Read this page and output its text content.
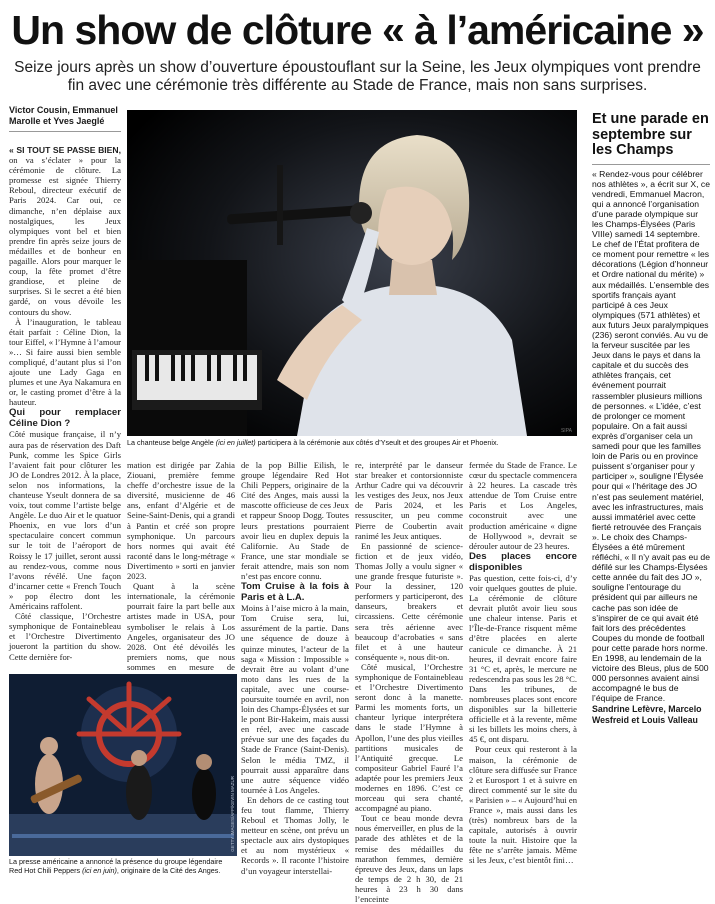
Un show de clôture « à l’américaine »
Seize jours après un show d’ouverture époustouflant sur la Seine, les Jeux olympiques vont prendre fin avec une cérémonie très différente au Stade de France, mais non sans surprises.
Victor Cousin, Emmanuel Marolle et Yves Jaeglé

« SI TOUT SE PASSE BIEN, on va s’éclater » pour la cérémonie de clôture. La promesse est signée Thierry Reboul, directeur exécutif de Paris 2024. Car oui, ce dimanche, n’en déplaise aux nostalgiques, les Jeux olympiques vont bel et bien prendre fin après seize jours de médailles et de bonheur en pagaille. Alors pour marquer le coup, la fête promet d’être grandiose, et pleine de surprises. Si le secret a été bien gardé, on vous dévoile les contours du show.

À l’inauguration, le tableau était parfait : Céline Dion, la tour Eiffel, « l’Hymne à l’amour »… Si faire aussi bien semble compliqué, d’autant plus si l’on ajoute une Lady Gaga en plumes et une Aya Nakamura en or, le casting promet d’être à la hauteur.

Qui pour remplacer Céline Dion ?

Côté musique française, il n’y aura pas de réservation des Daft Punk, comme les Spice Girls l’avaient fait pour clôturer les JO de Londres 2012. À la place, selon nos informations, la chanteuse Yseult donnera de sa voix, tout comme l’artiste belge Angèle. Le duo Air et le quatuor Phoenix, en vue lors d’un spectaculaire concert commun sur le toit de l’aéroport de Roissy le 17 juillet, seront aussi au rendez-vous, comme nous l’avons révélé. Une façon d’incarner cette « French Touch » pop électro dont les Américains raffolent.

Côté classique, l’Orchestre symphonique de Fontainebleau et l’Orchestre Divertimento joueront la partition du show. Cette dernière for-

SIPA
La chanteuse belge Angèle (ici en juillet) participera à la cérémonie aux côtés d’Yseult et des groupes Air et Phoenix.

mation est dirigée par Zahia Ziouani, première femme cheffe d’orchestre issue de la diversité, musicienne de 46 ans, enfant d’Algérie et de Seine-Saint-Denis, qui a grandi à Pantin et créé son propre symphonique. Un parcours hors normes qui avait été raconté dans le long-métrage « Divertimento » sorti en janvier 2023.

Quant à la scène internationale, la cérémonie pourrait faire la part belle aux artistes made in USA, pour symboliser le relais à Los Angeles, organisateur des JO 2028. Ont été dévoilés les premiers noms, que nous sommes en mesure de

de la pop Billie Eilish, le groupe légendaire Red Hot Chili Peppers, originaire de la Cité des Anges, mais aussi la mascotte officieuse de ces Jeux et rappeur Snoop Dogg. Toutes leurs prestations pourraient avoir lieu en duplex depuis la Californie. Au Stade de France, une star mondiale se ferait attendre, mais son nom n’est pas encore connu.

Tom Cruise à la fois à Paris et à L.A.

Moins à l’aise micro à la main, Tom Cruise sera, lui, assurément de la partie. Dans une séquence de douze à quinze minutes, l’acteur de la saga « Mission : Impossible » devrait être au volant d’une moto dans les rues de la capitale, avec une course-poursuite tournée en avril, non loin des Champs-Élysées et sur le pont Bir-Hakeim, mais aussi en réel, avec une cascade prévue sur une des façades du Stade de France (Saint-Denis). Selon le média TMZ, il pourrait aussi apparaître dans une autre séquence vidéo tournée à Los Angeles.

En dehors de ce casting tout feu tout flamme, Thierry Reboul et Thomas Jolly, le metteur en scène, ont prévu un spectacle aux airs dystopiques et au nom mystérieux « Records ». Il raconte l’histoire d’un voyageur interstellai-

re, interprété par le danseur star breaker et contorsionniste Arthur Cadre qui va découvrir les vestiges des Jeux, nos Jeux de Paris 2024, et les ressusciter, un peu comme Pierre de Coubertin avait ranimé les Jeux antiques.

En passionné de science-fiction et de jeux vidéo, Thomas Jolly a voulu signer « une grande fresque futuriste ». Pour la dessiner, 120 performers y participeront, des danseurs, breakers et circassiens. Cette cérémonie sera très aérienne avec beaucoup d’acrobaties « sans filet et à une hauteur conséquente », nous dit-on.

Côté musical, l’Orchestre symphonique de Fontainebleau et l’Orchestre Divertimento seront donc à la manette. Parmi les moments forts, un chanteur lyrique interprétera dans le stade l’Hymne à Apollon, l’une des plus vieilles partitions musicales de l’Antiquité grecque. Le compositeur Gabriel Fauré l’a adaptée pour les premiers Jeux modernes en 1896. C’est ce morceau qui sera chanté, accompagné au piano.

Tout ce beau monde devra nous émerveiller, en plus de la parade des athlètes et de la remise des médailles du marathon femmes, dernière épreuve des Jeux, dans un laps de temps de 2 h 30, de 21 heures à 23 h 30 dans l’enceinte

fermée du Stade de France. Le cœur du spectacle commencera à 22 heures. La cascade très attendue de Tom Cruise entre Paris et Los Angeles, coconstruit avec une production américaine « digne de Hollywood », devrait se dérouler autour de 23 heures.

Des places encore disponibles

Pas question, cette fois-ci, d’y voir quelques gouttes de pluie. La cérémonie de clôture devrait plutôt avoir lieu sous une chaleur intense. Paris et l’Île-de-France risquent même d’être placées en alerte canicule ce dimanche. À 21 heures, il devrait encore faire 31 °C et, après, le mercure ne redescendra pas sous les 28 °C. Dans les tribunes, de nombreuses places sont encore disponibles sur la billetterie officielle et à la revente, même si les billets les moins chers, à 45 €, ont disparu.

Pour ceux qui resteront à la maison, la cérémonie de clôture sera diffusée sur France 2 et Eurosport 1 et à suivre en direct commenté sur le site du « Parisien » – « Aujourd’hui en France », mais aussi dans les (très) nombreux bars de la capitale, autorisés à ouvrir toute la nuit. Histoire que la fête ne s’arrête jamais. Même si les Jeux, c’est bientôt fini…

GETTY IMAGES/AFP/KEVIN MAZUR
La presse américaine a annoncé la présence du groupe légendaire Red Hot Chili Peppers (ici en juin), originaire de la Cité des Anges.
Et une parade en septembre sur les Champs
« Rendez-vous pour célébrer nos athlètes », a écrit sur X, ce vendredi, Emmanuel Macron, qui a annoncé l’organisation d’une parade olympique sur les Champs-Élysées (Paris VIIIe) samedi 14 septembre. Le chef de l’État profitera de ce moment pour remettre « les décorations (Légion d’honneur et Ordre national du mérite) » aux médaillés. L’ensemble des sportifs français ayant participé à ces Jeux olympiques (571 athlètes) et aux futurs Jeux paralympiques (236) seront conviés. Au vu de la ferveur suscitée par les Jeux dans le pays et dans la capitale et du succès des athlètes français, cet événement pourrait rassembler plusieurs millions de personnes. « L’idée, c’est de prolonger ce moment populaire. On a fait aussi exprès d’organiser cela un samedi pour que les familles loin de Paris ou en province puissent s’organiser pour y participer », souligne l’Élysée pour qui « l’héritage des JO n’est pas seulement matériel, avec les infrastructures, mais aussi immatériel avec cette fierté retrouvée des Français ». Le choix des Champs-Élysées a été mûrement réfléchi, « Il n’y avait pas eu de défilé sur les Champs-Élysées cette année du fait des JO », souligne l’entourage du président qui par ailleurs ne cache pas son idée de s’inspirer de ce qui avait été fait lors des précédentes Coupes du monde de football pour cette parade hors norme. En 1998, au lendemain de la victoire des Bleus, plus de 500 000 personnes avaient ainsi accompagné le bus de l’équipe de France.
Sandrine Lefèvre, Marcelo Wesfreid et Louis Valleau
